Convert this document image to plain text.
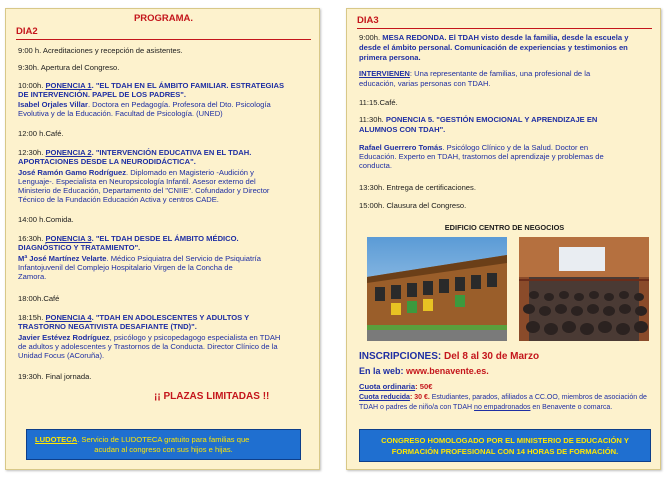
PROGRAMA.
DIA2
9:00 h. Acreditaciones y recepción de asistentes.
9:30h. Apertura del Congreso.
10:00h. PONENCIA 1. "EL TDAH EN EL ÁMBITO FAMILIAR. ESTRATEGIAS
DE INTERVENCIÓN. PAPEL DE LOS PADRES".
Isabel Orjales Villar. Doctora en Pedagogía. Profesora del Dto. Psicología
Evolutiva y de la Educación. Facultad de Psicología. (UNED)
12:00 h.Café.
12:30h. PONENCIA 2. "INTERVENCIÓN EDUCATIVA EN EL TDAH.
APORTACIONES DESDE LA NEURODIDÁCTICA".
José Ramón Gamo Rodríguez. Diplomado en Magisterio -Audición y
Lenguaje-. Especialista en Neuropsicología Infantil. Asesor externo del
Ministerio de Educación, Departamento del "CNIIE". Cofundador y Director
Técnico de la Fundación Educación Activa y centros CADE.
14:00 h.Comida.
16:30h. PONENCIA 3. "EL TDAH DESDE EL ÁMBITO MÉDICO.
DIAGNÓSTICO Y TRATAMIENTO".
Mª José Martínez Velarte. Médico Psiquiatra del Servicio de Psiquiatría
Infantojuvenil del Complejo Hospitalario Virgen de la Concha de
Zamora.
18:00h.Café
18:15h. PONENCIA 4. "TDAH EN ADOLESCENTES Y ADULTOS Y
TRASTORNO NEGATIVISTA DESAFIANTE (TND)".
Javier Estévez Rodríguez, psicólogo y psicopedagogo especialista en TDAH
de adultos y adolescentes y Trastornos de la Conducta. Director Clínico de la
Unidad Focus (ACoruña).
19:30h. Final jornada.
¡¡ PLAZAS LIMITADAS !!
LUDOTECA. Servicio de LUDOTECA gratuito para familias que
acudan al congreso con sus hijos e hijas.
DIA3
9:00h. MESA REDONDA. El TDAH visto desde la familia, desde la escuela y
desde el ámbito personal. Comunicación de experiencias y testimonios en
primera persona.
INTERVIENEN: Una representante de familias, una profesional de la
educación, varias personas con TDAH.
11:15.Café.
11:30h. PONENCIA 5. "GESTIÓN EMOCIONAL Y APRENDIZAJE EN
ALUMNOS CON TDAH".
Rafael Guerrero Tomás. Psicólogo Clínico y de la Salud. Doctor en
Educación. Experto en TDAH, trastornos del aprendizaje y problemas de
conducta.
13:30h. Entrega de certificaciones.
15:00h. Clausura del Congreso.
EDIFICIO CENTRO DE NEGOCIOS
INSCRIPCIONES: Del 8 al 30 de Marzo
En la web: www.benavente.es.
Cuota ordinaria: 50€
Cuota reducida: 30 €. Estudiantes, parados, afiliados a CC.OO, miembros de asociación de
TDAH o padres de niño/a con TDAH no empadronados en Benavente o comarca.
CONGRESO HOMOLOGADO POR EL MINISTERIO DE EDUCACIÓN Y
FORMACIÓN PROFESIONAL CON 14 HORAS DE FORMACIÓN.
